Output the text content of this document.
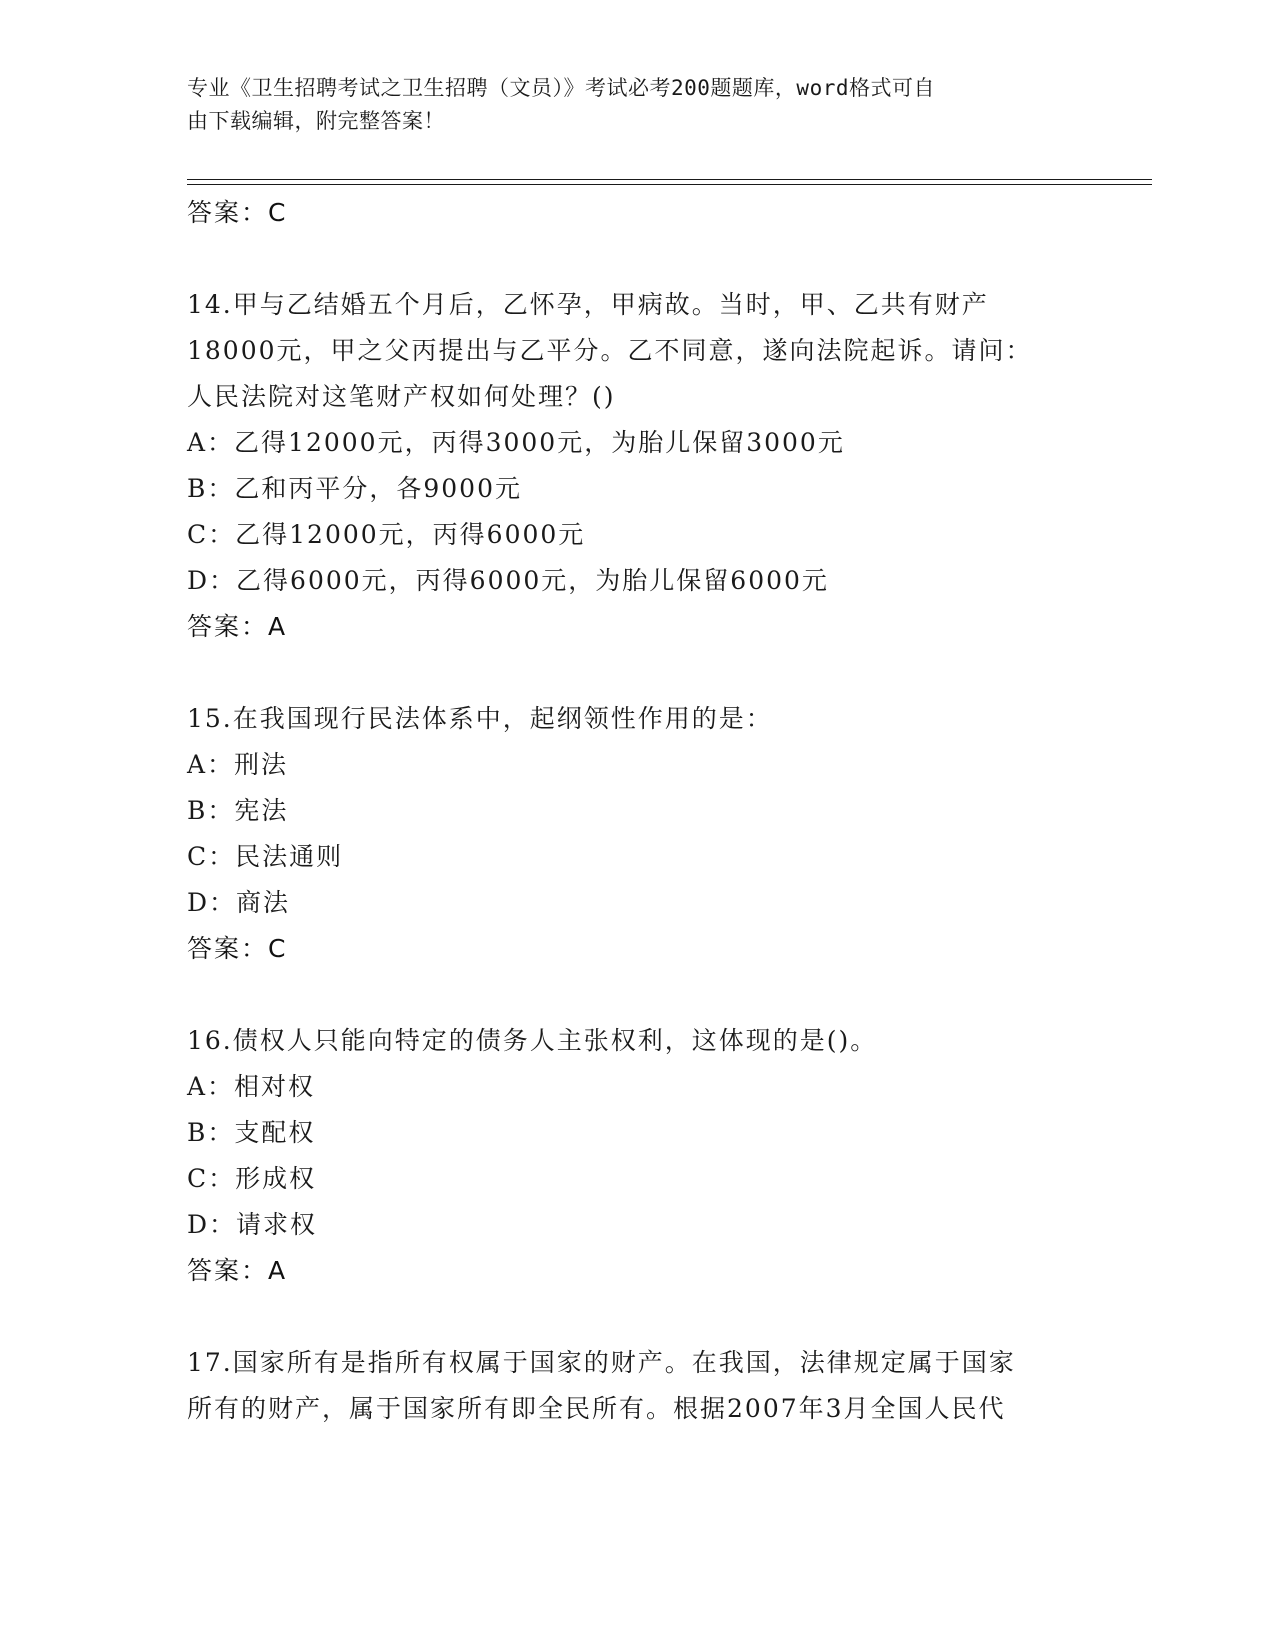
专业《卫生招聘考试之卫生招聘（文员）》考试必考200题题库，word格式可自
由下载编辑，附完整答案！
答案：C
14.甲与乙结婚五个月后，乙怀孕，甲病故。当时，甲、乙共有财产
18000元，甲之父丙提出与乙平分。乙不同意，遂向法院起诉。请问：
人民法院对这笔财产权如何处理？()
A：乙得12000元，丙得3000元，为胎儿保留3000元
B：乙和丙平分，各9000元
C：乙得12000元，丙得6000元
D：乙得6000元，丙得6000元，为胎儿保留6000元
答案：A
15.在我国现行民法体系中，起纲领性作用的是：
A：刑法
B：宪法
C：民法通则
D：商法
答案：C
16.债权人只能向特定的债务人主张权利，这体现的是()。
A：相对权
B：支配权
C：形成权
D：请求权
答案：A
17.国家所有是指所有权属于国家的财产。在我国，法律规定属于国家
所有的财产，属于国家所有即全民所有。根据2007年3月全国人民代
